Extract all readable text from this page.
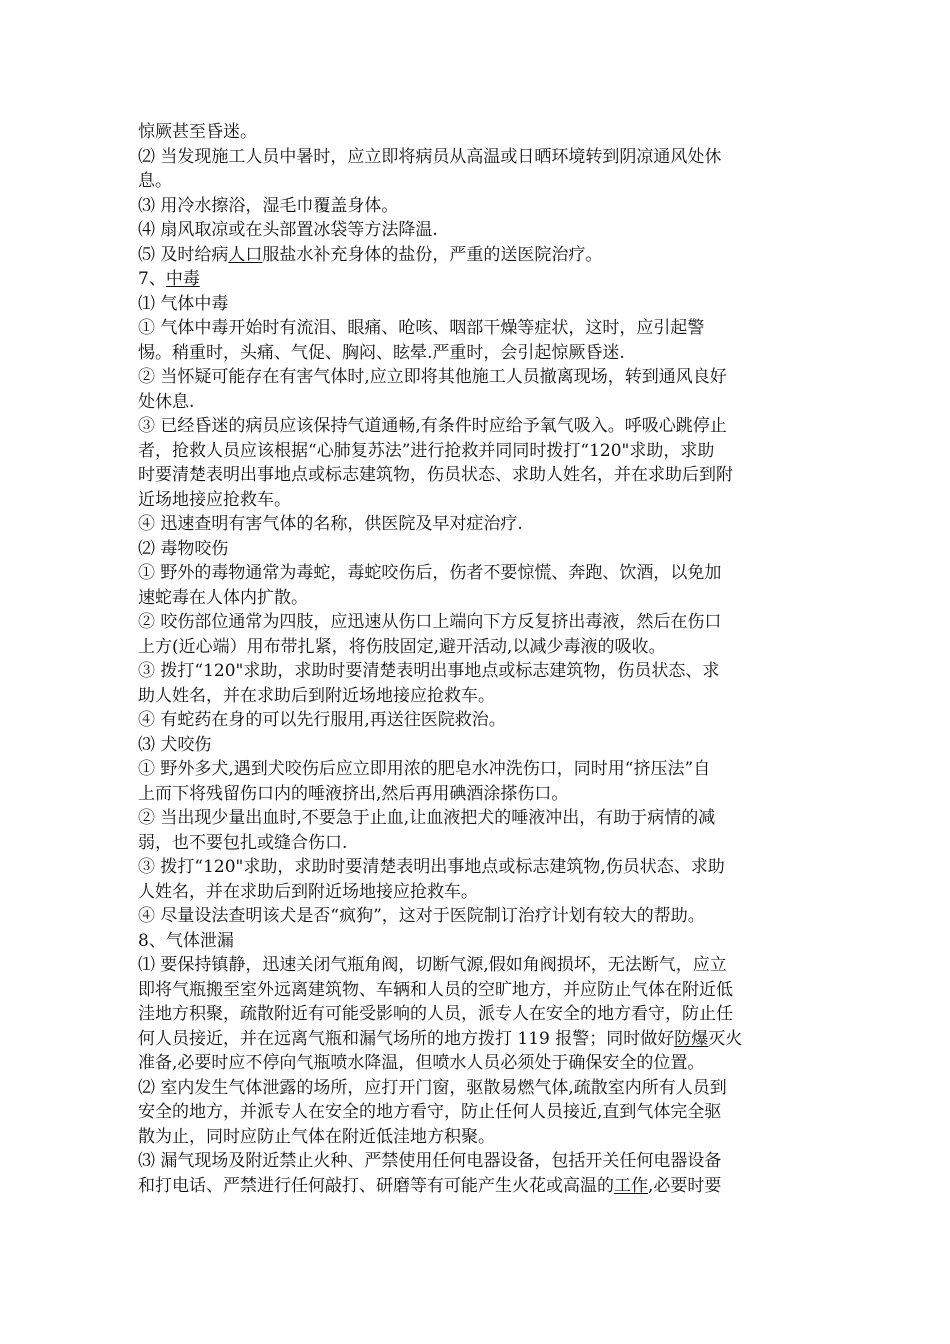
惊厥甚至昏迷。
⑵ 当发现施工人员中暑时，应立即将病员从高温或日晒环境转到阴凉通风处休
息。
⑶ 用冷水擦浴，湿毛巾覆盖身体。
⑷ 扇风取凉或在头部置冰袋等方法降温.
⑸ 及时给病人口服盐水补充身体的盐份，严重的送医院治疗。
7、中毒
⑴ 气体中毒
① 气体中毒开始时有流泪、眼痛、呛咳、咽部干燥等症状，这时，应引起警
惕。稍重时，头痛、气促、胸闷、眩晕.严重时，会引起惊厥昏迷.
② 当怀疑可能存在有害气体时,应立即将其他施工人员撤离现场，转到通风良好
处休息.
③ 已经昏迷的病员应该保持气道通畅,有条件时应给予氧气吸入。呼吸心跳停止
者，抢救人员应该根据“心肺复苏法”进行抢救并同同时拨打“120"求助，求助
时要清楚表明出事地点或标志建筑物，伤员状态、求助人姓名，并在求助后到附
近场地接应抢救车。
④ 迅速查明有害气体的名称，供医院及早对症治疗.
⑵ 毒物咬伤
① 野外的毒物通常为毒蛇，毒蛇咬伤后，伤者不要惊慌、奔跑、饮酒，以免加
速蛇毒在人体内扩散。
② 咬伤部位通常为四肢，应迅速从伤口上端向下方反复挤出毒液，然后在伤口
上方(近心端）用布带扎紧，将伤肢固定,避开活动,以减少毒液的吸收。
③ 拨打“120"求助，求助时要清楚表明出事地点或标志建筑物，伤员状态、求
助人姓名，并在求助后到附近场地接应抢救车。
④ 有蛇药在身的可以先行服用,再送往医院救治。
⑶ 犬咬伤
① 野外多犬,遇到犬咬伤后应立即用浓的肥皂水冲洗伤口，同时用“挤压法”自
上而下将残留伤口内的唾液挤出,然后再用碘酒涂搽伤口。
② 当出现少量出血时,不要急于止血,让血液把犬的唾液冲出，有助于病情的减
弱，也不要包扎或缝合伤口.
③ 拨打“120"求助，求助时要清楚表明出事地点或标志建筑物,伤员状态、求助
人姓名，并在求助后到附近场地接应抢救车。
④ 尽量设法查明该犬是否“疯狗”，这对于医院制订治疗计划有较大的帮助。
8、气体泄漏
⑴ 要保持镇静，迅速关闭气瓶角阀，切断气源,假如角阀损坏，无法断气，应立
即将气瓶搬至室外远离建筑物、车辆和人员的空旷地方，并应防止气体在附近低
洼地方积聚，疏散附近有可能受影响的人员，派专人在安全的地方看守，防止任
何人员接近，并在远离气瓶和漏气场所的地方拨打 119 报警；同时做好防爆灭火
准备,必要时应不停向气瓶喷水降温，但喷水人员必须处于确保安全的位置。
⑵ 室内发生气体泄露的场所，应打开门窗，驱散易燃气体,疏散室内所有人员到
安全的地方，并派专人在安全的地方看守，防止任何人员接近,直到气体完全驱
散为止，同时应防止气体在附近低洼地方积聚。
⑶ 漏气现场及附近禁止火种、严禁使用任何电器设备，包括开关任何电器设备
和打电话、严禁进行任何敲打、研磨等有可能产生火花或高温的工作,必要时要
